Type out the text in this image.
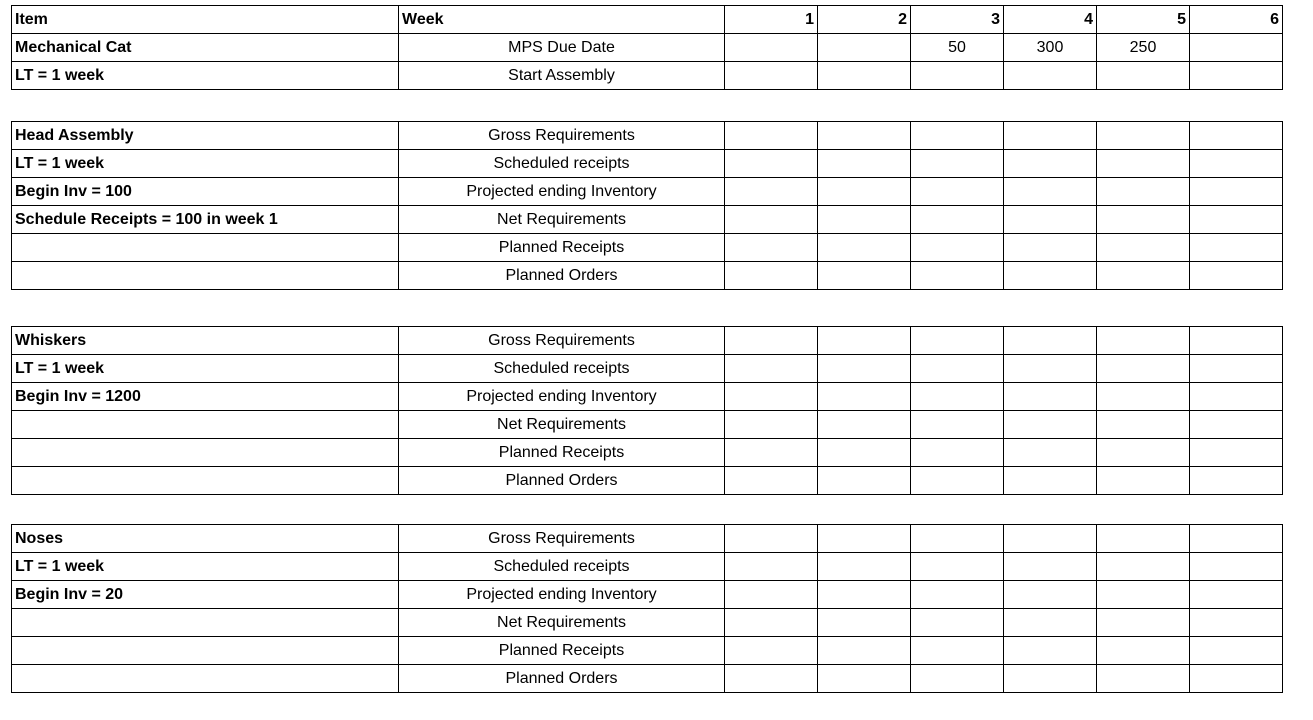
Item	Week	1	2	3	4	5	6
Mechanical Cat	MPS Due Date			50	300	250	
LT = 1 week	Start Assembly						
Head Assembly	Gross Requirements						
LT = 1 week	Scheduled receipts						
Begin Inv = 100	Projected ending Inventory						
Schedule Receipts = 100 in week 1	Net Requirements						
	Planned Receipts						
	Planned Orders						
Whiskers	Gross Requirements						
LT = 1 week	Scheduled receipts						
Begin Inv = 1200	Projected ending Inventory						
	Net Requirements						
	Planned Receipts						
	Planned Orders						
Noses	Gross Requirements						
LT = 1 week	Scheduled receipts						
Begin Inv = 20	Projected ending Inventory						
	Net Requirements						
	Planned Receipts						
	Planned Orders						
